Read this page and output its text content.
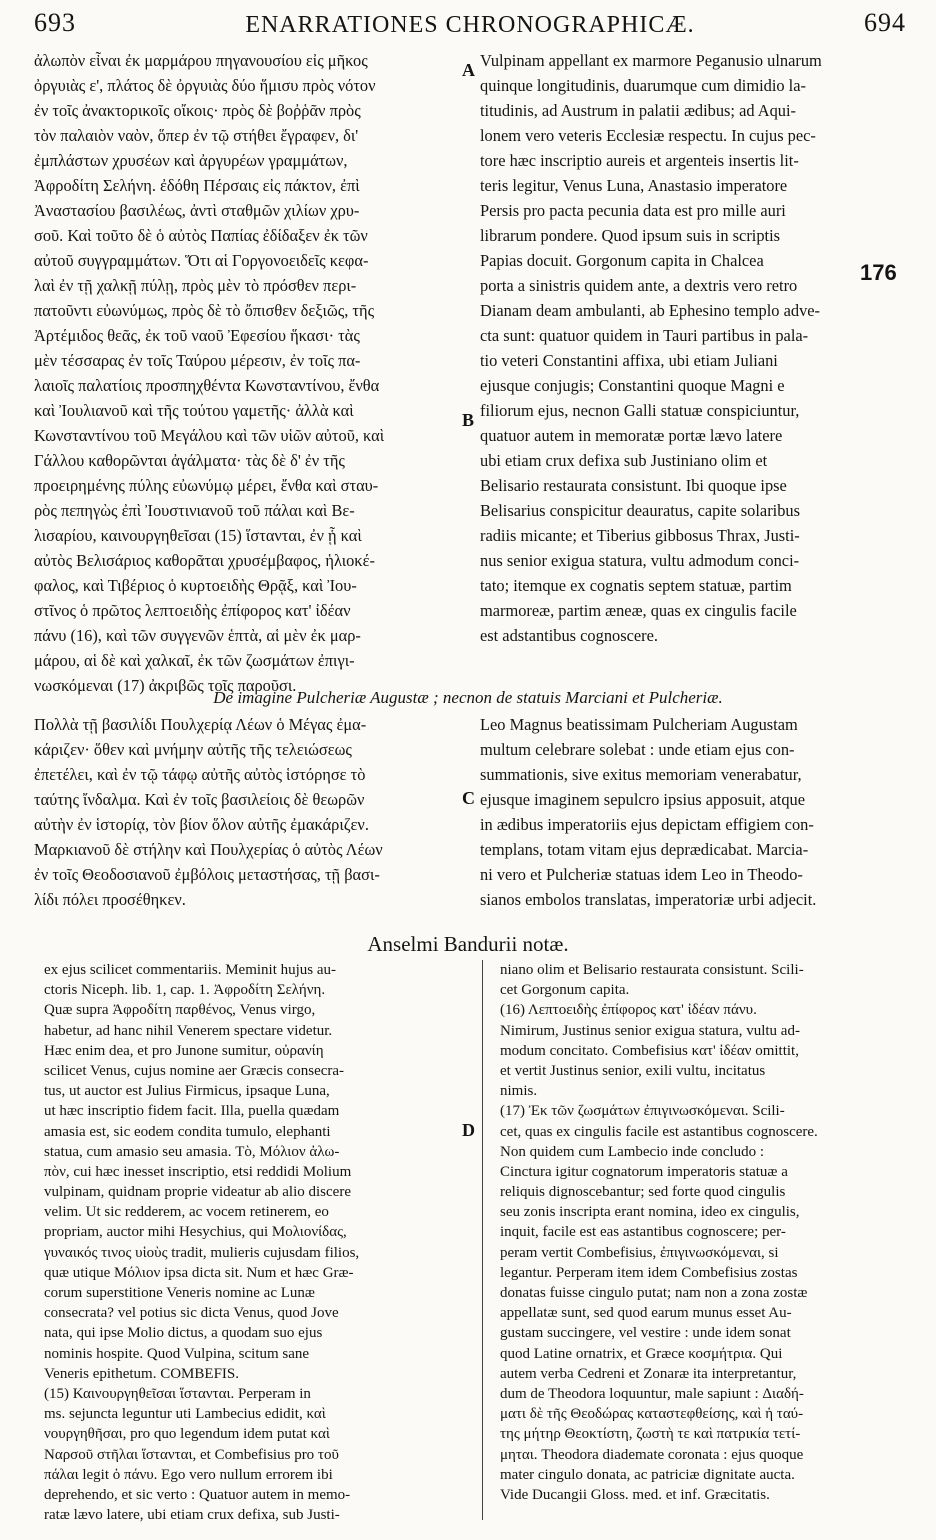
693	ENARRATIONES CHRONOGRAPHICÆ.	694
ἀλωπὸν εἶναι ἐκ μαρμάρου πηγανουσίου εἰς μῆκος
ὀργυιὰς ε', πλάτος δὲ ὀργυιὰς δύο ἥμισυ πρὸς νότον
ἐν τοῖς ἀνακτορικοῖς οἴκοις· πρὸς δὲ βοῤῥᾶν πρὸς
τὸν παλαιὸν ναὸν, ὅπερ ἐν τῷ στήθει ἔγραφεν, δι'
ἐμπλάστων χρυσέων καὶ ἀργυρέων γραμμάτων,
Ἀφροδίτη Σελήνη. ἐδόθη Πέρσαις εἰς πάκτον, ἐπὶ
Ἀναστασίου βασιλέως, ἀντὶ σταθμῶν χιλίων χρυ-
σοῦ. Καὶ τοῦτο δὲ ὁ αὐτὸς Παπίας ἐδίδαξεν ἐκ τῶν
αὐτοῦ συγγραμμάτων. Ὅτι αἱ Γοργονοειδεῖς κεφα-
λαὶ ἐν τῇ χαλκῇ πύλῃ, πρὸς μὲν τὸ πρόσθεν περι-
πατοῦντι εὐωνύμως, πρὸς δὲ τὸ ὄπισθεν δεξιῶς, τῆς
Ἀρτέμιδος θεᾶς, ἐκ τοῦ ναοῦ Ἐφεσίου ἥκασι· τὰς
μὲν τέσσαρας ἐν τοῖς Ταύρου μέρεσιν, ἐν τοῖς πα-
λαιοῖς παλατίοις προσπηχθέντα Κωνσταντίνου, ἔνθα
καὶ Ἰουλιανοῦ καὶ τῆς τούτου γαμετῆς· ἀλλὰ καὶ
Κωνσταντίνου τοῦ Μεγάλου καὶ τῶν υἱῶν αὐτοῦ, καὶ
Γάλλου καθορῶνται ἀγάλματα· τὰς δὲ δ' ἐν τῆς
προειρημένης πύλης εὐωνύμῳ μέρει, ἔνθα καὶ σταυ-
ρὸς πεπηγὼς ἐπὶ Ἰουστινιανοῦ τοῦ πάλαι καὶ Βε-
λισαρίου, καινουργηθεῖσαι (15) ἵστανται, ἐν ᾗ καὶ
αὐτὸς Βελισάριος καθορᾶται χρυσέμβαφος, ἡλιοκέ-
φαλος, καὶ Τιβέριος ὁ κυρτοειδὴς Θρᾷξ, καὶ Ἰου-
στῖνος ὁ πρῶτος λεπτοειδὴς ἐπίφορος κατ' ἰδέαν
πάνυ (16), καὶ τῶν συγγενῶν ἑπτὰ, αἱ μὲν ἐκ μαρ-
μάρου, αἱ δὲ καὶ χαλκαῖ, ἐκ τῶν ζωσμάτων ἐπιγι-
νωσκόμεναι (17) ἀκριβῶς τοῖς παροῦσι.
Vulpinam appellant ex marmore Peganusio ulnarum
quinque longitudinis, duarumque cum dimidio la-
titudinis, ad Austrum in palatii ædibus; ad Aqui-
lonem vero veteris Ecclesiæ respectu. In cujus pec-
tore hæc inscriptio aureis et argenteis insertis lit-
teris legitur, Venus Luna, Anastasio imperatore
Persis pro pacta pecunia data est pro mille auri
librarum pondere. Quod ipsum suis in scriptis
Papias docuit. Gorgonum capita in Chalcea
porta a sinistris quidem ante, a dextris vero retro
Dianam deam ambulanti, ab Ephesino templo adve-
cta sunt: quatuor quidem in Tauri partibus in pala-
tio veteri Constantini affixa, ubi etiam Juliani
ejusque conjugis; Constantini quoque Magni e
filiorum ejus, necnon Galli statuæ conspiciuntur,
quatuor autem in memoratæ portæ lævo latere
ubi etiam crux defixa sub Justiniano olim et
Belisario restaurata consistunt. Ibi quoque ipse
Belisarius conspicitur deauratus, capite solaribus
radiis micante; et Tiberius gibbosus Thrax, Justi-
nus senior exigua statura, vultu admodum conci-
tato; itemque ex cognatis septem statuæ, partim
marmoreæ, partim æneæ, quas ex cingulis facile
est adstantibus cognoscere.
A
B
C
D
176
De imagine Pulcheriæ Augustæ ; necnon de statuis Marciani et Pulcheriæ.
Πολλὰ τῇ βασιλίδι Πουλχερίᾳ Λέων ὁ Μέγας ἐμα-
κάριζεν· ὅθεν καὶ μνήμην αὐτῆς τῆς τελειώσεως
ἐπετέλει, καὶ ἐν τῷ τάφῳ αὐτῆς αὐτὸς ἱστόρησε τὸ
ταύτης ἴνδαλμα. Καὶ ἐν τοῖς βασιλείοις δὲ θεωρῶν
αὐτὴν ἐν ἱστορίᾳ, τὸν βίον ὅλον αὐτῆς ἐμακάριζεν.
Μαρκιανοῦ δὲ στήλην καὶ Πουλχερίας ὁ αὐτὸς Λέων
ἐν τοῖς Θεοδοσιανοῦ ἐμβόλοις μεταστήσας, τῇ βασι-
λίδι πόλει προσέθηκεν.
Leo Magnus beatissimam Pulcheriam Augustam
multum celebrare solebat : unde etiam ejus con-
summationis, sive exitus memoriam venerabatur,
ejusque imaginem sepulcro ipsius apposuit, atque
in ædibus imperatoriis ejus depictam effigiem con-
templans, totam vitam ejus deprædicabat. Marcia-
ni vero et Pulcheriæ statuas idem Leo in Theodo-
sianos embolos translatas, imperatoriæ urbi adjecit.
Anselmi Bandurii notæ.
ex ejus scilicet commentariis. Meminit hujus au-
ctoris Niceph. lib. 1, cap. 1. Ἀφροδίτη Σελήνη.
Quæ supra Ἀφροδίτη παρθένος, Venus virgo,
habetur, ad hanc nihil Venerem spectare videtur.
Hæc enim dea, et pro Junone sumitur, οὐρανίη
scilicet Venus, cujus nomine aer Græcis consecra-
tus, ut auctor est Julius Firmicus, ipsaque Luna,
ut hæc inscriptio fidem facit. Illa, puella quædam
amasia est, sic eodem condita tumulo, elephanti
statua, cum amasio seu amasia. Τὸ, Μόλιον ἀλω-
πὸν, cui hæc inesset inscriptio, etsi reddidi Molium
vulpinam, quidnam proprie videatur ab alio discere
velim. Ut sic redderem, ac vocem retinerem, eo
propriam, auctor mihi Hesychius, qui Μολιονίδας,
γυναικός τινος υἱοὺς tradit, mulieris cujusdam filios,
quæ utique Μόλιον ipsa dicta sit. Num et hæc Græ-
corum superstitione Veneris nomine ac Lunæ
consecrata? vel potius sic dicta Venus, quod Jove
nata, qui ipse Molio dictus, a quodam suo ejus
nominis hospite. Quod Vulpina, scitum sane
Veneris epithetum. COMBEFIS.
(15) Καινουργηθεῖσαι ἵστανται. Perperam in
ms. sejuncta leguntur uti Lambecius edidit, καὶ
νουργηθῆσαι, pro quo legendum idem putat καὶ
Ναρσοῦ στῆλαι ἵστανται, et Combefisius pro τοῦ
πάλαι legit ὁ πάνυ. Ego vero nullum errorem ibi
deprehendo, et sic verto : Quatuor autem in memo-
ratæ lævo latere, ubi etiam crux defixa, sub Justi-
niano olim et Belisario restaurata consistunt. Scili-
cet Gorgonum capita.
(16) Λεπτοειδὴς ἐπίφορος κατ' ἰδέαν πάνυ.
Nimirum, Justinus senior exigua statura, vultu ad-
modum concitato. Combefisius κατ' ἰδέαν omittit,
et vertit Justinus senior, exili vultu, incitatus
nimis.
(17) Ἐκ τῶν ζωσμάτων ἐπιγινωσκόμεναι. Scili-
cet, quas ex cingulis facile est astantibus cognoscere.
Non quidem cum Lambecio inde concludo :
Cinctura igitur cognatorum imperatoris statuæ a
reliquis dignoscebantur; sed forte quod cingulis
seu zonis inscripta erant nomina, ideo ex cingulis,
inquit, facile est eas astantibus cognoscere; per-
peram vertit Combefisius, ἐπιγινωσκόμεναι, si
legantur. Perperam item idem Combefisius zostas
donatas fuisse cingulo putat; nam non a zona zostæ
appellatæ sunt, sed quod earum munus esset Au-
gustam succingere, vel vestire : unde idem sonat
quod Latine ornatrix, et Græce κοσμήτρια. Qui
autem verba Cedreni et Zonaræ ita interpretantur,
dum de Theodora loquuntur, male sapiunt : Διαδή-
ματι δὲ τῆς Θεοδώρας καταστεφθείσης, καὶ ἡ ταύ-
της μήτηρ Θεοκτίστη, ζωστὴ τε καὶ πατρικία τετί-
μηται. Theodora diademate coronata : ejus quoque
mater cingulo donata, ac patriciæ dignitate aucta.
Vide Ducangii Gloss. med. et inf. Græcitatis.
